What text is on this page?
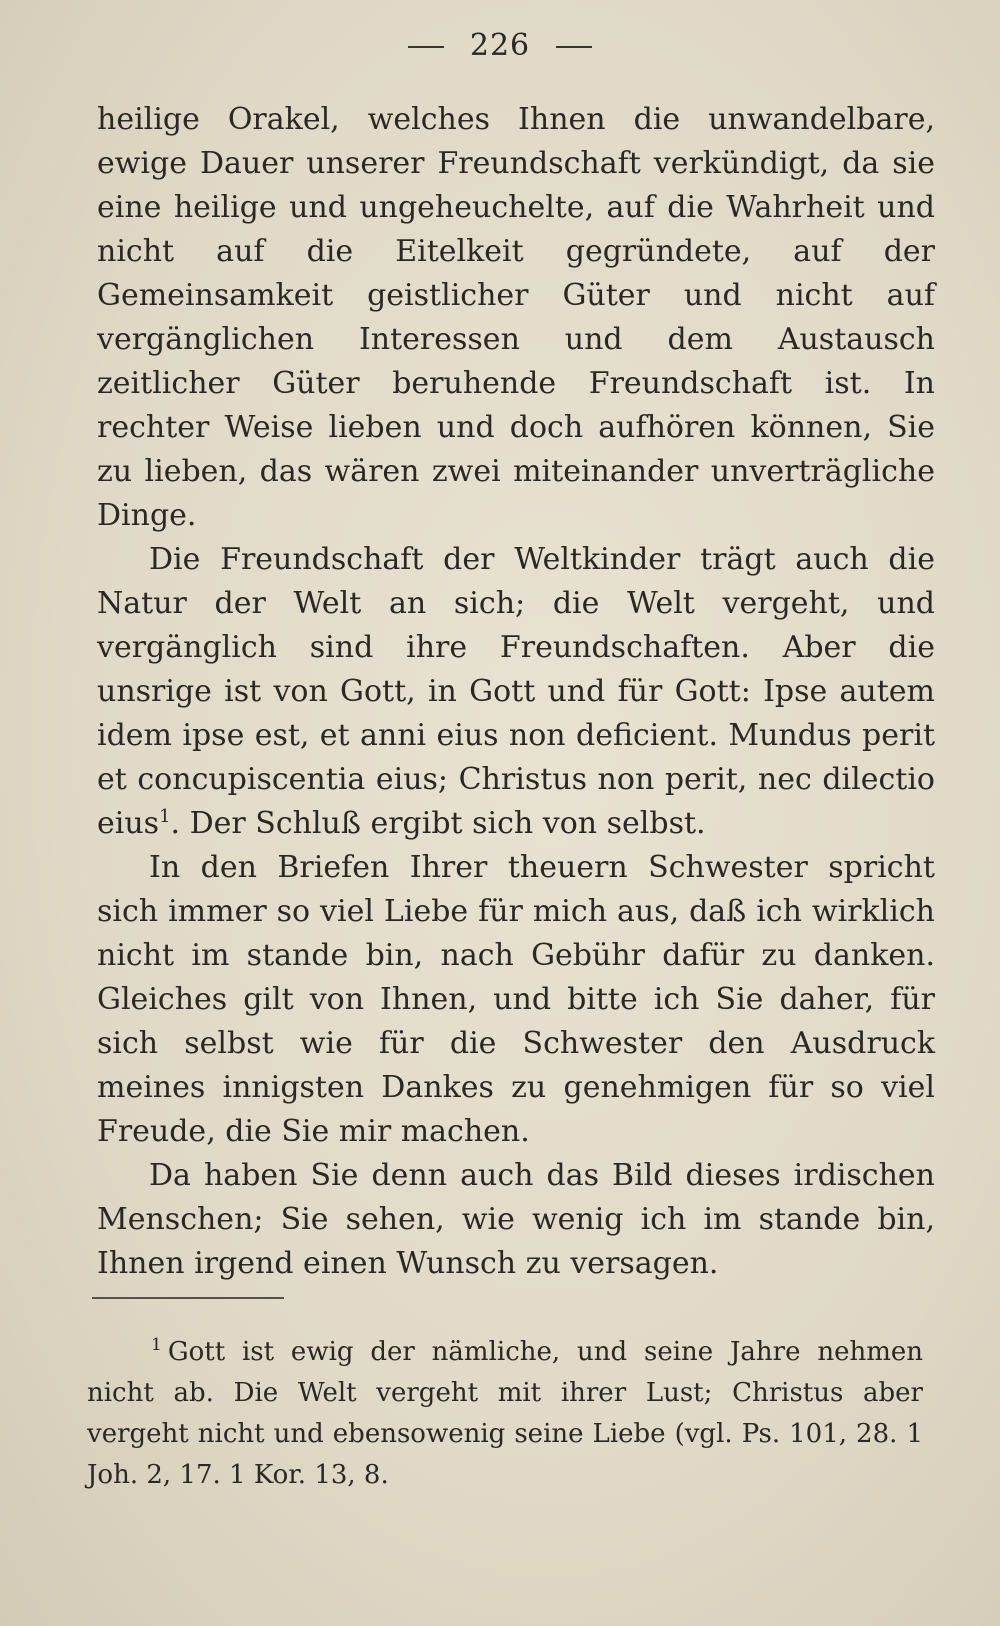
226

heilige Orakel, welches Ihnen die unwandelbare, ewige Dauer unserer Freundschaft verkündigt, da sie eine heilige und ungeheuchelte, auf die Wahrheit und nicht auf die Eitelkeit gegründete, auf der Gemeinsamkeit geistlicher Güter und nicht auf vergänglichen Interessen und dem Austausch zeitlicher Güter beruhende Freundschaft ist. In rechter Weise lieben und doch aufhören können, Sie zu lieben, das wären zwei miteinander unverträgliche Dinge.

Die Freundschaft der Weltkinder trägt auch die Natur der Welt an sich; die Welt vergeht, und vergänglich sind ihre Freundschaften. Aber die unsrige ist von Gott, in Gott und für Gott: Ipse autem idem ipse est, et anni eius non deficient. Mundus perit et concupiscentia eius; Christus non perit, nec dilectio eius$^1$. Der Schluß ergibt sich von selbst.

In den Briefen Ihrer theuern Schwester spricht sich immer so viel Liebe für mich aus, daß ich wirklich nicht im stande bin, nach Gebühr dafür zu danken. Gleiches gilt von Ihnen, und bitte ich Sie daher, für sich selbst wie für die Schwester den Ausdruck meines innigsten Dankes zu genehmigen für so viel Freude, die Sie mir machen.

Da haben Sie denn auch das Bild dieses irdischen Menschen; Sie sehen, wie wenig ich im stande bin, Ihnen irgend einen Wunsch zu versagen.

$^1$ Gott ist ewig der nämliche, und seine Jahre nehmen nicht ab. Die Welt vergeht mit ihrer Lust; Christus aber vergeht nicht und ebensowenig seine Liebe (vgl. Ps. 101, 28. 1 Joh. 2, 17. 1 Kor. 13, 8.
